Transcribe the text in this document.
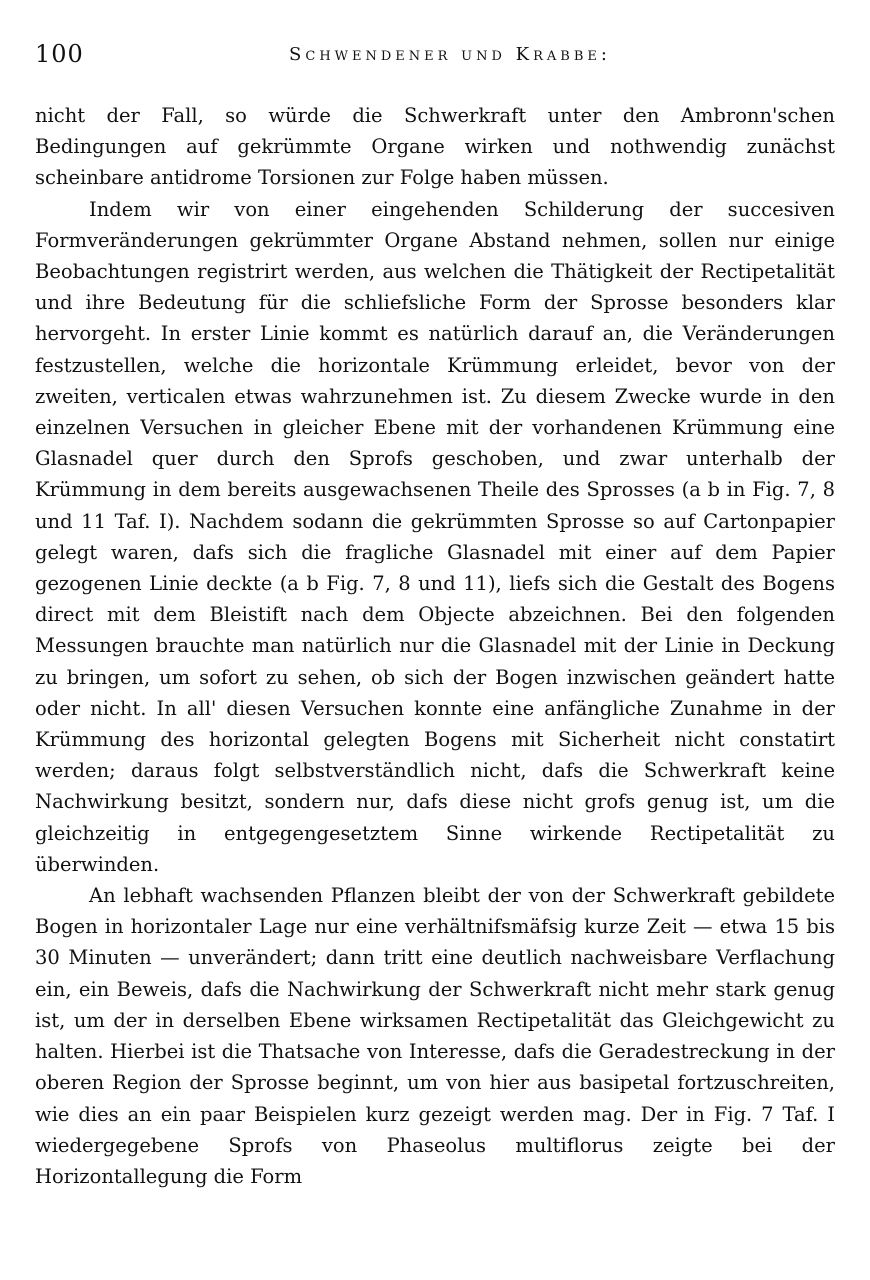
100	Schwendener und Krabbe:

nicht der Fall, so würde die Schwerkraft unter den Ambronn'schen Bedingungen auf gekrümmte Organe wirken und nothwendig zunächst scheinbare antidrome Torsionen zur Folge haben müssen.

Indem wir von einer eingehenden Schilderung der succesiven Formveränderungen gekrümmter Organe Abstand nehmen, sollen nur einige Beobachtungen registrirt werden, aus welchen die Thätigkeit der Rectipetalität und ihre Bedeutung für die schliefsliche Form der Sprosse besonders klar hervorgeht. In erster Linie kommt es natürlich darauf an, die Veränderungen festzustellen, welche die horizontale Krümmung erleidet, bevor von der zweiten, verticalen etwas wahrzunehmen ist. Zu diesem Zwecke wurde in den einzelnen Versuchen in gleicher Ebene mit der vorhandenen Krümmung eine Glasnadel quer durch den Sprofs geschoben, und zwar unterhalb der Krümmung in dem bereits ausgewachsenen Theile des Sprosses (a b in Fig. 7, 8 und 11 Taf. I). Nachdem sodann die gekrümmten Sprosse so auf Cartonpapier gelegt waren, dafs sich die fragliche Glasnadel mit einer auf dem Papier gezogenen Linie deckte (a b Fig. 7, 8 und 11), liefs sich die Gestalt des Bogens direct mit dem Bleistift nach dem Objecte abzeichnen. Bei den folgenden Messungen brauchte man natürlich nur die Glasnadel mit der Linie in Deckung zu bringen, um sofort zu sehen, ob sich der Bogen inzwischen geändert hatte oder nicht. In all' diesen Versuchen konnte eine anfängliche Zunahme in der Krümmung des horizontal gelegten Bogens mit Sicherheit nicht constatirt werden; daraus folgt selbstverständlich nicht, dafs die Schwerkraft keine Nachwirkung besitzt, sondern nur, dafs diese nicht grofs genug ist, um die gleichzeitig in entgegengesetztem Sinne wirkende Rectipetalität zu überwinden.

An lebhaft wachsenden Pflanzen bleibt der von der Schwerkraft gebildete Bogen in horizontaler Lage nur eine verhältnifsmäfsig kurze Zeit — etwa 15 bis 30 Minuten — unverändert; dann tritt eine deutlich nachweisbare Verflachung ein, ein Beweis, dafs die Nachwirkung der Schwerkraft nicht mehr stark genug ist, um der in derselben Ebene wirksamen Rectipetalität das Gleichgewicht zu halten. Hierbei ist die Thatsache von Interesse, dafs die Geradestreckung in der oberen Region der Sprosse beginnt, um von hier aus basipetal fortzuschreiten, wie dies an ein paar Beispielen kurz gezeigt werden mag. Der in Fig. 7 Taf. I wiedergegebene Sprofs von Phaseolus multiflorus zeigte bei der Horizontallegung die Form
